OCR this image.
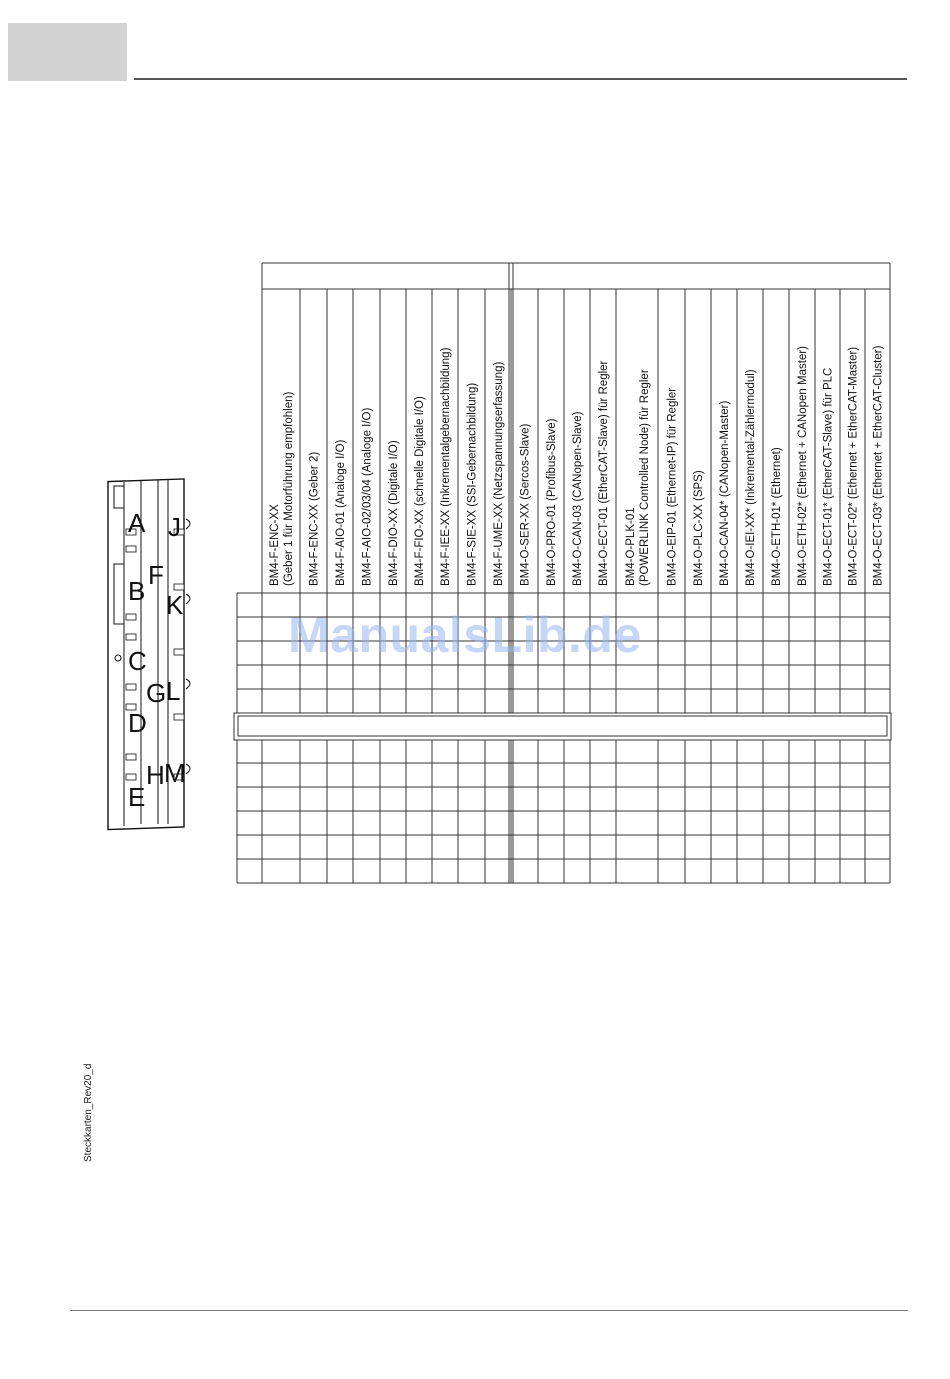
Steckkarten_Rev20_d
A
B
C
D
E
F
G
H
J
K
L
M
BM4-F-ENC-XX (Geber 1 für Motorführung empfohlen) BM4-F-ENC-XX (Geber 2) BM4-F-AIO-01 (Analoge I/O) BM4-F-AIO-02/03/04 (Analoge I/O) BM4-F-DIO-XX (Digitale I/O) BM4-F-FIO-XX (schnelle Digitale I/O) BM4-F-IEE-XX (Inkrementalgebernachbildung) BM4-F-SIE-XX (SSI-Gebernachbildung) BM4-F-UME-XX (Netzspannungserfassung) BM4-O-SER-XX (Sercos-Slave) BM4-O-PRO-01 (Profibus-Slave) BM4-O-CAN-03 (CANopen-Slave) BM4-O-ECT-01 (EtherCAT-Slave) für Regler BM4-O-PLK-01 (POWERLINK Controlled Node) für Regler BM4-O-EIP-01 (Ethernet-IP) für Regler BM4-O-PLC-XX (SPS) BM4-O-CAN-04* (CANopen-Master) BM4-O-IEI-XX* (Inkremental-Zählermodul) BM4-O-ETH-01* (Ethernet) BM4-O-ETH-02* (Ethernet + CANopen Master) BM4-O-ECT-01* (EtherCAT-Slave) für PLC BM4-O-ECT-02* (Ethernet + EtherCAT-Master) BM4-O-ECT-03* (Ethernet + EtherCAT-Cluster)
ManualsLib.de
